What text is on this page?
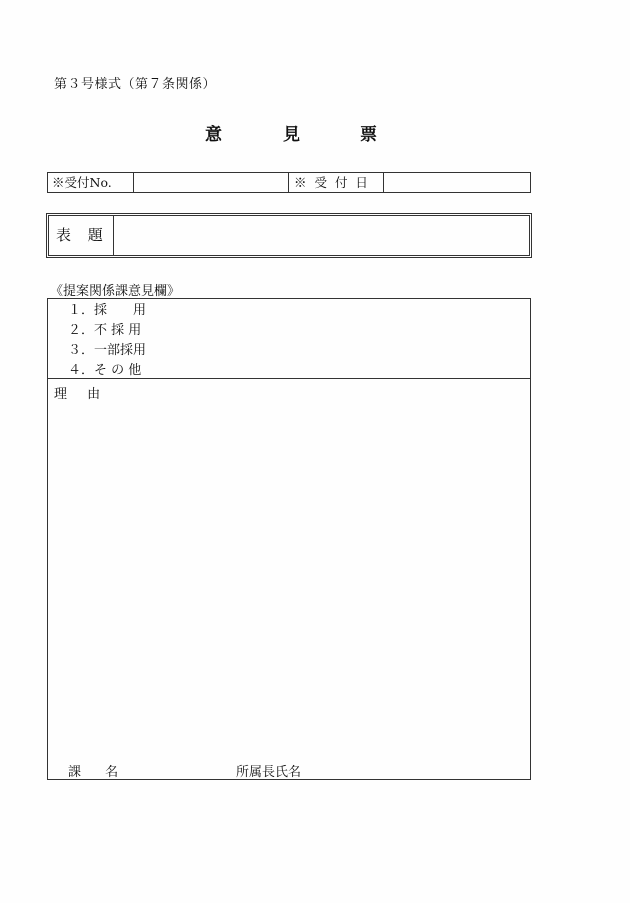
第３号様式（第７条関係）
意	見	票
※受付No.	※ 受 付 日
表 題
《提案関係課意見欄》
１．採　　用
２．不 採 用
３．一部採用
４．そ の 他
理 由
課 名	所属長氏名
